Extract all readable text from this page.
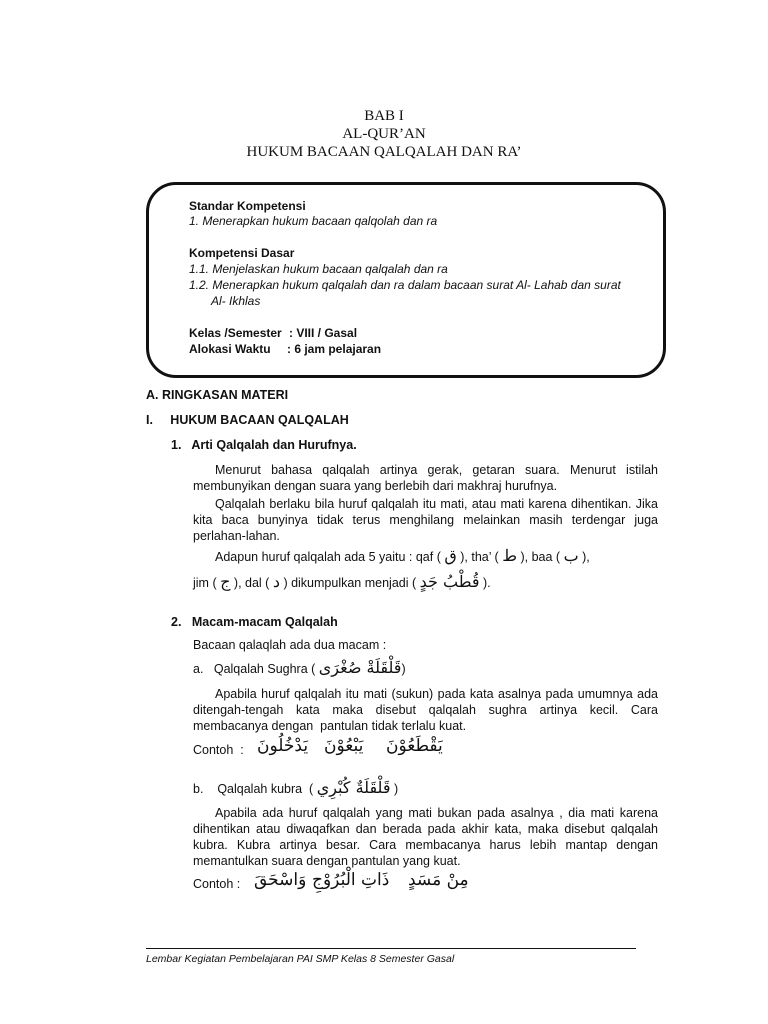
BAB I
AL-QUR’AN
HUKUM BACAAN QALQALAH DAN RA’
Standar Kompetensi
1. Menerapkan hukum bacaan qalqolah dan ra
Kompetensi Dasar
1.1. Menjelaskan hukum bacaan qalqalah dan ra
1.2. Menerapkan hukum qalqalah dan ra dalam bacaan surat Al- Lahab dan surat
Al- Ikhlas
Kelas /Semester : VIII / Gasal
Alokasi Waktu : 6 jam pelajaran
A. RINGKASAN MATERI
I.     HUKUM BACAAN QALQALAH
1.   Arti Qalqalah dan Hurufnya.
Menurut bahasa qalqalah artinya gerak, getaran suara. Menurut istilah
membunyikan dengan suara yang berlebih dari makhraj hurufnya.
Qalqalah berlaku bila huruf qalqalah itu mati, atau mati karena dihentikan. Jika
kita baca bunyinya tidak terus menghilang melainkan masih terdengar juga
perlahan-lahan.
Adapun huruf qalqalah ada 5 yaitu : qaf ( ق ), tha’ ( ط ), baa ( ب ),
jim ( ج ), dal ( د ) dikumpulkan menjadi ( قُطْبُ جَدٍ ).
2.   Macam-macam Qalqalah
Bacaan qalaqlah ada dua macam :
a.   Qalqalah Sughra ( قَلْقَلَةْ صُغْرَى)
Apabila huruf qalqalah itu mati (sukun) pada kata asalnya pada umumnya ada
ditengah-tengah kata maka disebut qalqalah sughra artinya kecil. Cara
membacanya dengan  pantulan tidak terlalu kuat.
Contoh  : يَدْخُلُونَ يَبْعُوْنَ يَقْطَعُوْنَ
b.    Qalqalah kubra  ( قَلْقَلَةٌ كُبْرِي )
Apabila ada huruf qalqalah yang mati bukan pada asalnya , dia mati karena
dihentikan atau diwaqafkan dan berada pada akhir kata, maka disebut qalqalah
kubra. Kubra artinya besar. Cara membacanya harus lebih mantap dengan
memantulkan suara dengan pantulan yang kuat.
Contoh : وَاسْحَقَ ذَاتِ الْبُرُوْجِ مِنْ مَسَدٍ
Lembar Kegiatan Pembelajaran PAI SMP Kelas 8 Semester Gasal
